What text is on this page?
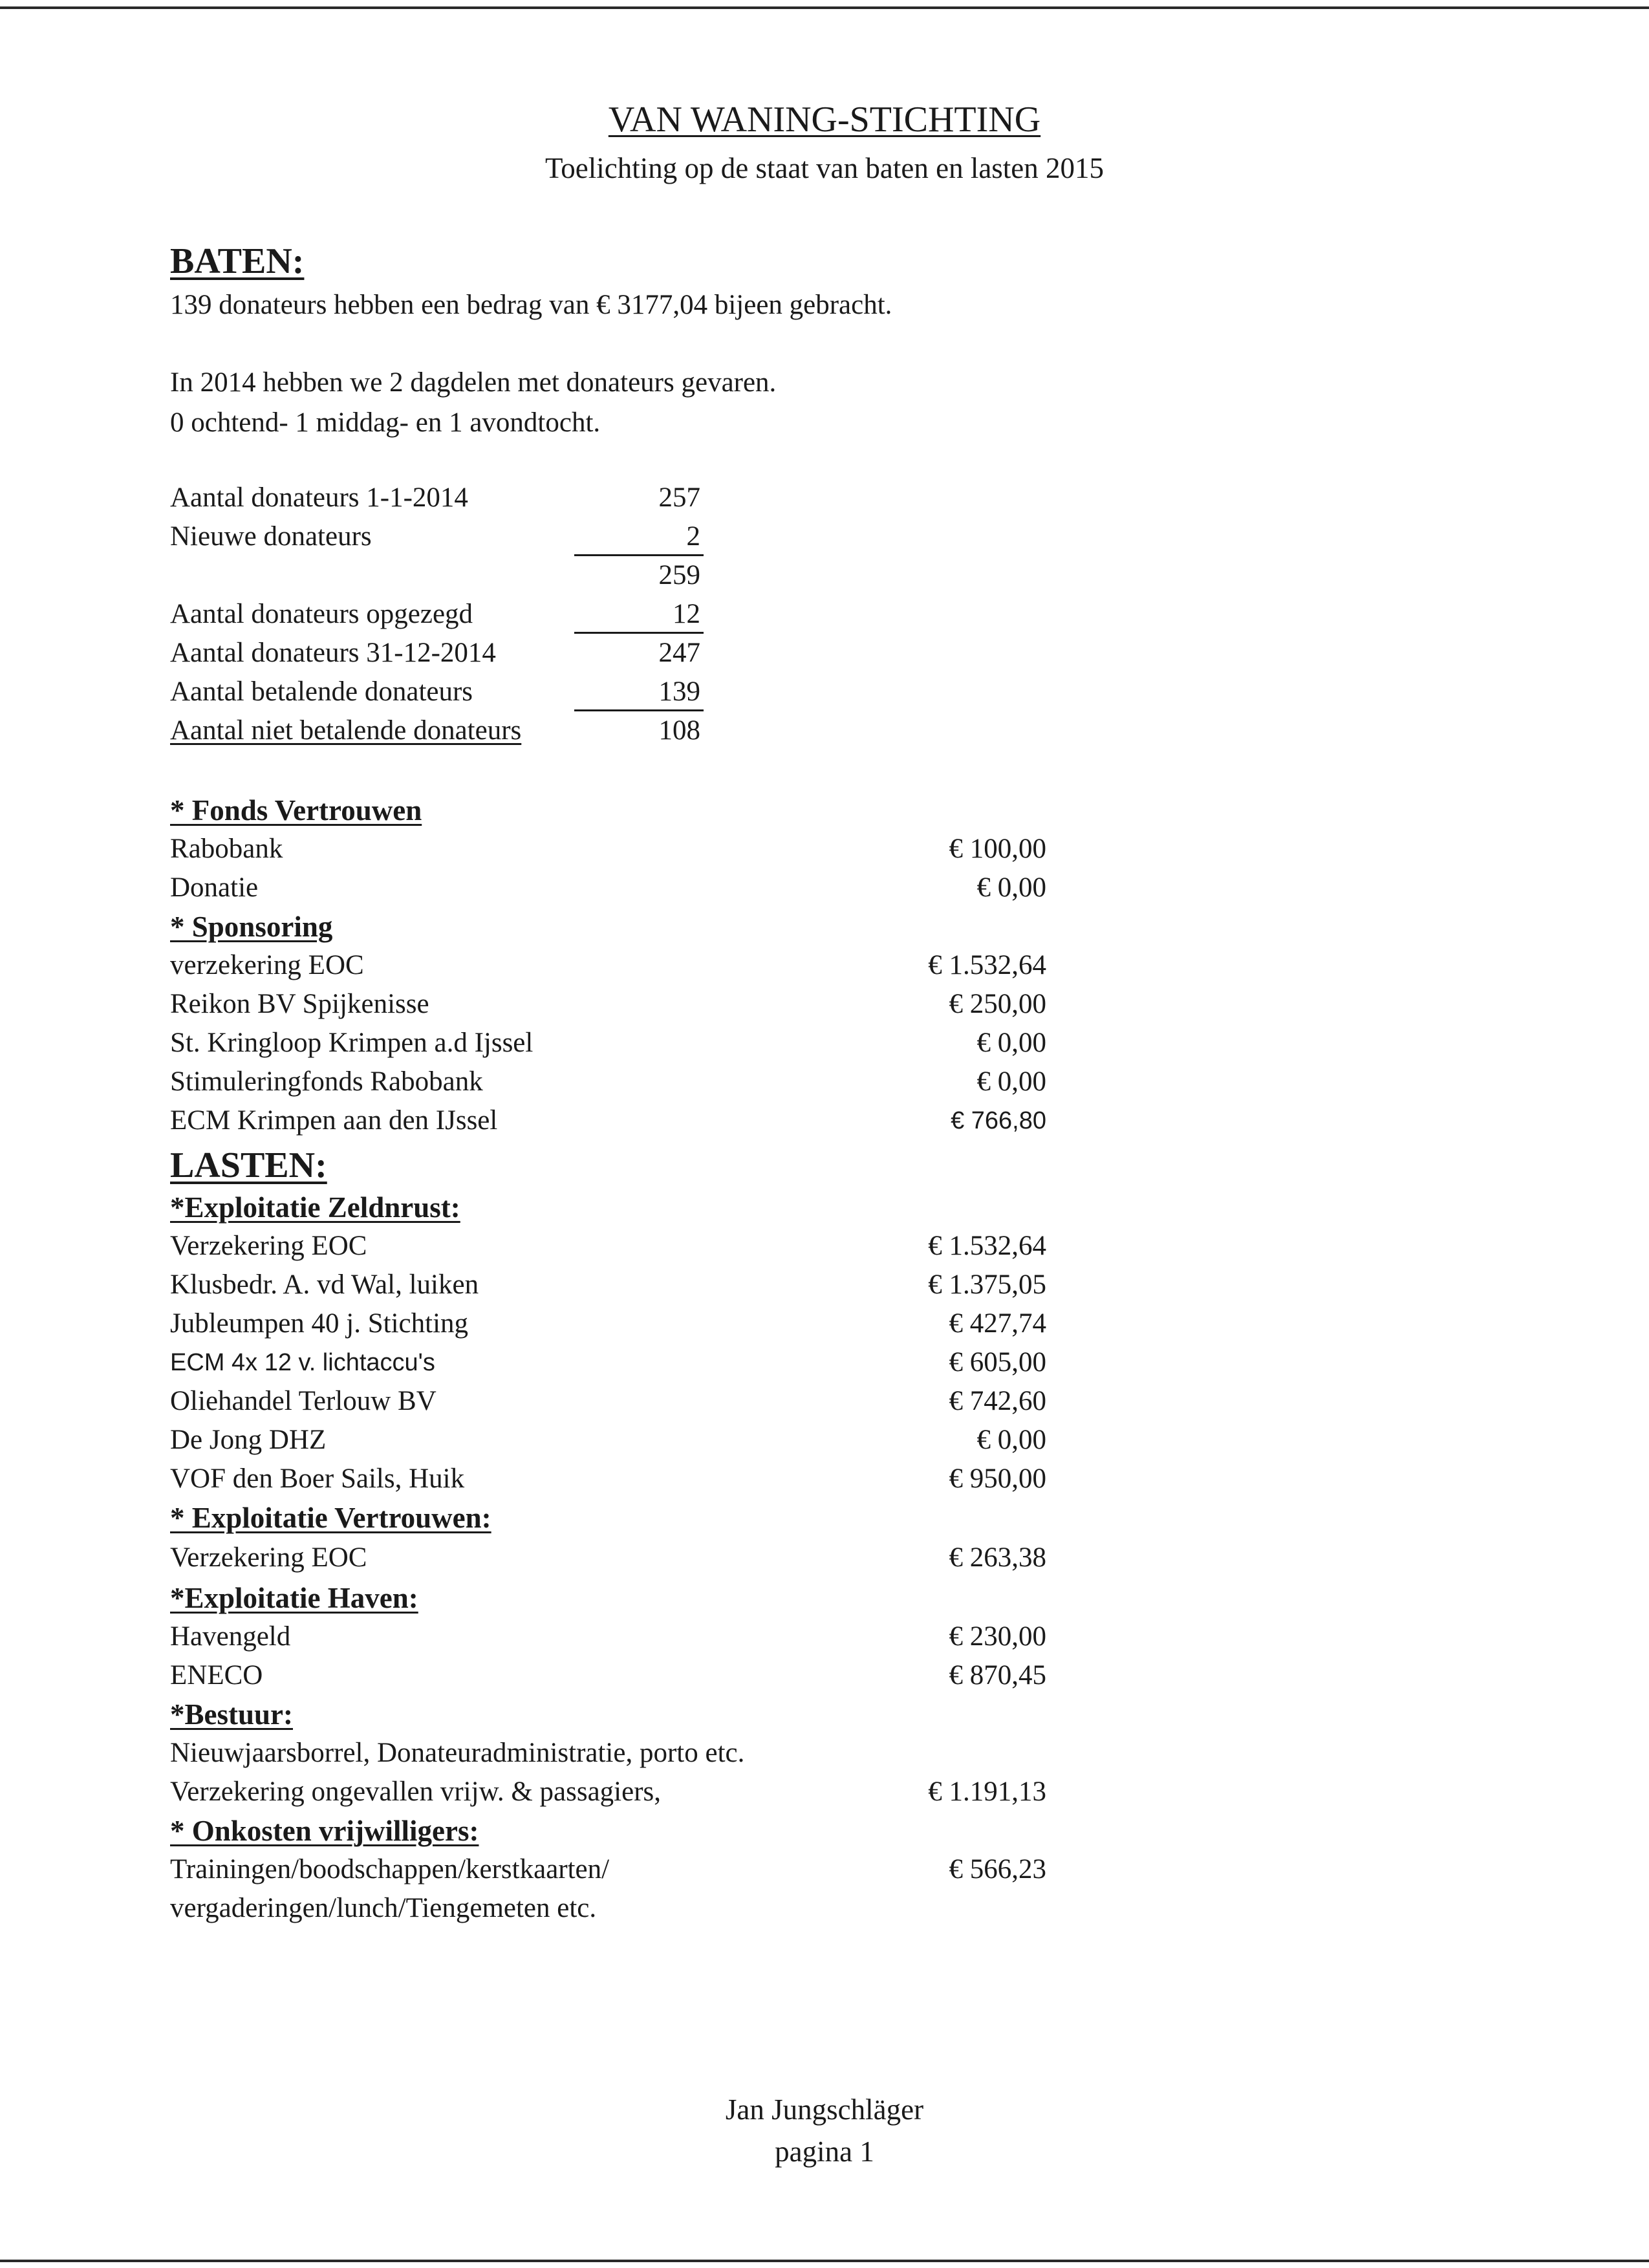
VAN WANING-STICHTING
Toelichting op de staat van baten en lasten 2015
BATEN:
139 donateurs hebben een bedrag van € 3177,04 bijeen gebracht.
In 2014 hebben we 2 dagdelen met donateurs gevaren.
0 ochtend- 1 middag- en 1 avondtocht.
Aantal donateurs 1-1-2014	257
Nieuwe donateurs	2
259
Aantal donateurs opgezegd	12
Aantal donateurs 31-12-2014	247
Aantal betalende donateurs	139
Aantal niet betalende donateurs	108
* Fonds Vertrouwen
Rabobank	€ 100,00
Donatie	€ 0,00
* Sponsoring
verzekering EOC	€ 1.532,64
Reikon BV Spijkenisse	€ 250,00
St. Kringloop Krimpen a.d Ijssel	€ 0,00
Stimuleringfonds Rabobank	€ 0,00
ECM Krimpen aan den IJssel	€ 766,80
LASTEN:
*Exploitatie Zeldnrust:
Verzekering EOC	€ 1.532,64
Klusbedr. A. vd Wal, luiken	€ 1.375,05
Jubleumpen 40 j. Stichting	€ 427,74
ECM 4x 12 v. lichtaccu's	€ 605,00
Oliehandel Terlouw BV	€ 742,60
De Jong DHZ	€ 0,00
VOF den Boer Sails, Huik	€ 950,00
* Exploitatie Vertrouwen:
Verzekering EOC	€ 263,38
*Exploitatie Haven:
Havengeld	€ 230,00
ENECO	€ 870,45
*Bestuur:
Nieuwjaarsborrel, Donateuradministratie, porto etc.
Verzekering ongevallen vrijw. & passagiers,	€ 1.191,13
* Onkosten vrijwilligers:
Trainingen/boodschappen/kerstkaarten/	€ 566,23
vergaderingen/lunch/Tiengemeten etc.
Jan Jungschläger
pagina 1
